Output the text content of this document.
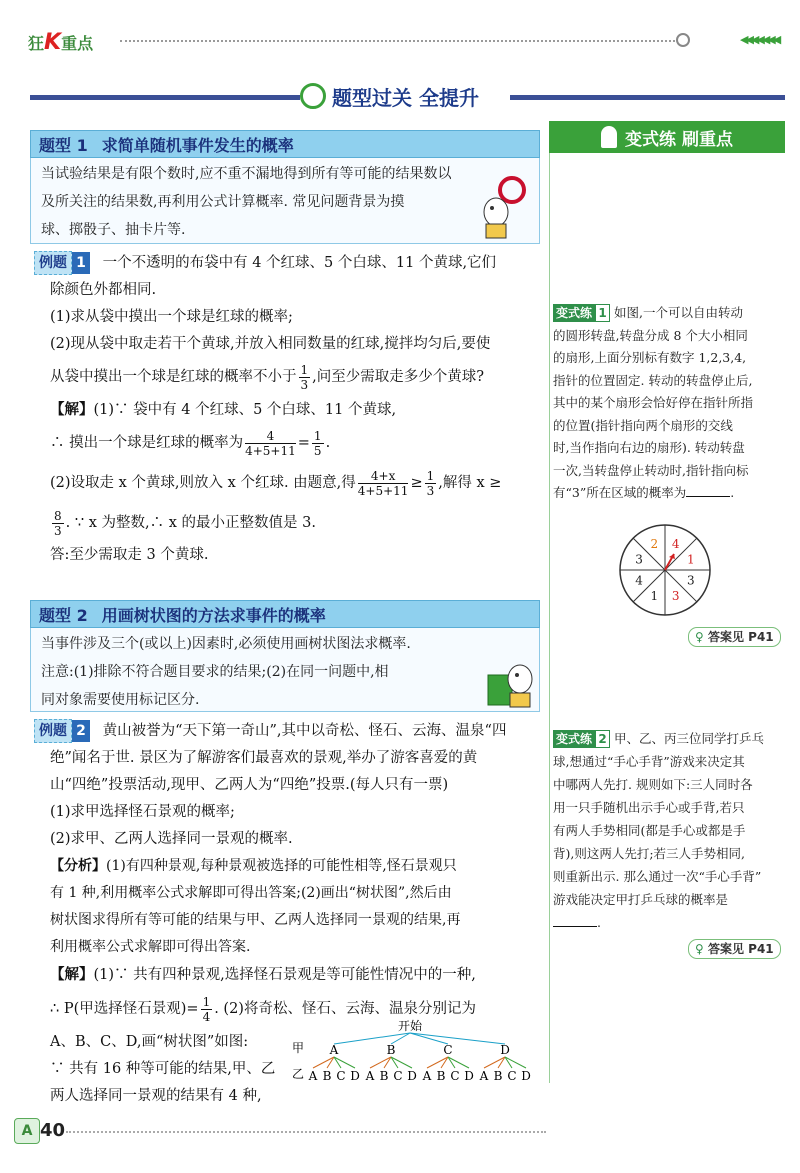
狂K重点	◀◀◀◀◀◀◀
题型过关 全提升
题型 1 求简单随机事件发生的概率
当试验结果是有限个数时,应不重不漏地得到所有等可能的结果数以
及所关注的结果数,再利用公式计算概率. 常见问题背景为摸
球、掷骰子、抽卡片等.
例题 1 一个不透明的布袋中有 4 个红球、5 个白球、11 个黄球,它们
除颜色外都相同.
(1)求从袋中摸出一个球是红球的概率;
(2)现从袋中取走若干个黄球,并放入相同数量的红球,搅拌均匀后,要使
从袋中摸出一个球是红球的概率不小于 $\frac{1}{3}$ ,问至少需取走多少个黄球?
【解】(1)∵ 袋中有 4 个红球、5 个白球、11 个黄球,
∴ 摸出一个球是红球的概率为 $\frac{4}{4+5+11} = \frac{1}{5}$ .
(2)设取走 x 个黄球,则放入 x 个红球. 由题意,得 $\frac{4+x}{4+5+11} \ge \frac{1}{3}$ ,解得 x ≥
$\frac{8}{3}$ . ∵ x 为整数,∴ x 的最小正整数值是 3.
答:至少需取走 3 个黄球.
题型 2 用画树状图的方法求事件的概率
当事件涉及三个(或以上)因素时,必须使用画树状图法求概率.
注意:(1)排除不符合题目要求的结果;(2)在同一问题中,相
同对象需要使用标记区分.
例题 2 黄山被誉为“天下第一奇山”,其中以奇松、怪石、云海、温泉“四
绝”闻名于世. 景区为了解游客们最喜欢的景观,举办了游客喜爱的黄
山“四绝”投票活动,现甲、乙两人为“四绝”投票.(每人只有一票)
(1)求甲选择怪石景观的概率;
(2)求甲、乙两人选择同一景观的概率.
【分析】(1)有四种景观,每种景观被选择的可能性相等,怪石景观只
有 1 种,利用概率公式求解即可得出答案;(2)画出“树状图”,然后由
树状图求得所有等可能的结果与甲、乙两人选择同一景观的结果,再
利用概率公式求解即可得出答案.
【解】(1)∵ 共有四种景观,选择怪石景观是等可能性情况中的一种,
∴ P(甲选择怪石景观)= $\frac{1}{4}$ . (2)将奇松、怪石、云海、温泉分别记为
A、B、C、D,画“树状图”如图:
∵ 共有 16 种等可能的结果,甲、乙
两人选择同一景观的结果有 4 种,
开始
甲
乙
A	B	C	D
A B C D A B C D A B C D A B C D
变式练 刷重点
变式练 1 如图,一个可以自由转动
的圆形转盘,转盘分成 8 个大小相同
的扇形,上面分别标有数字 1,2,3,4,
指针的位置固定. 转动的转盘停止后,
其中的某个扇形会恰好停在指针所指
的位置(指针指向两个扇形的交线
时,当作指向右边的扇形). 转动转盘
一次,当转盘停止转动时,指针指向标
有“3”所在区域的概率为	.
2 4
1
3
3
1
4
3
♀ 答案见 P41
变式练 2 甲、乙、丙三位同学打乒乓
球,想通过“手心手背”游戏来决定其
中哪两人先打. 规则如下:三人同时各
用一只手随机出示手心或手背,若只
有两人手势相同(都是手心或都是手
背),则这两人先打;若三人手势相同,
则重新出示. 那么通过一次“手心手背”
游戏能决定甲打乒乓球的概率是
.
♀ 答案见 P41
A 40
